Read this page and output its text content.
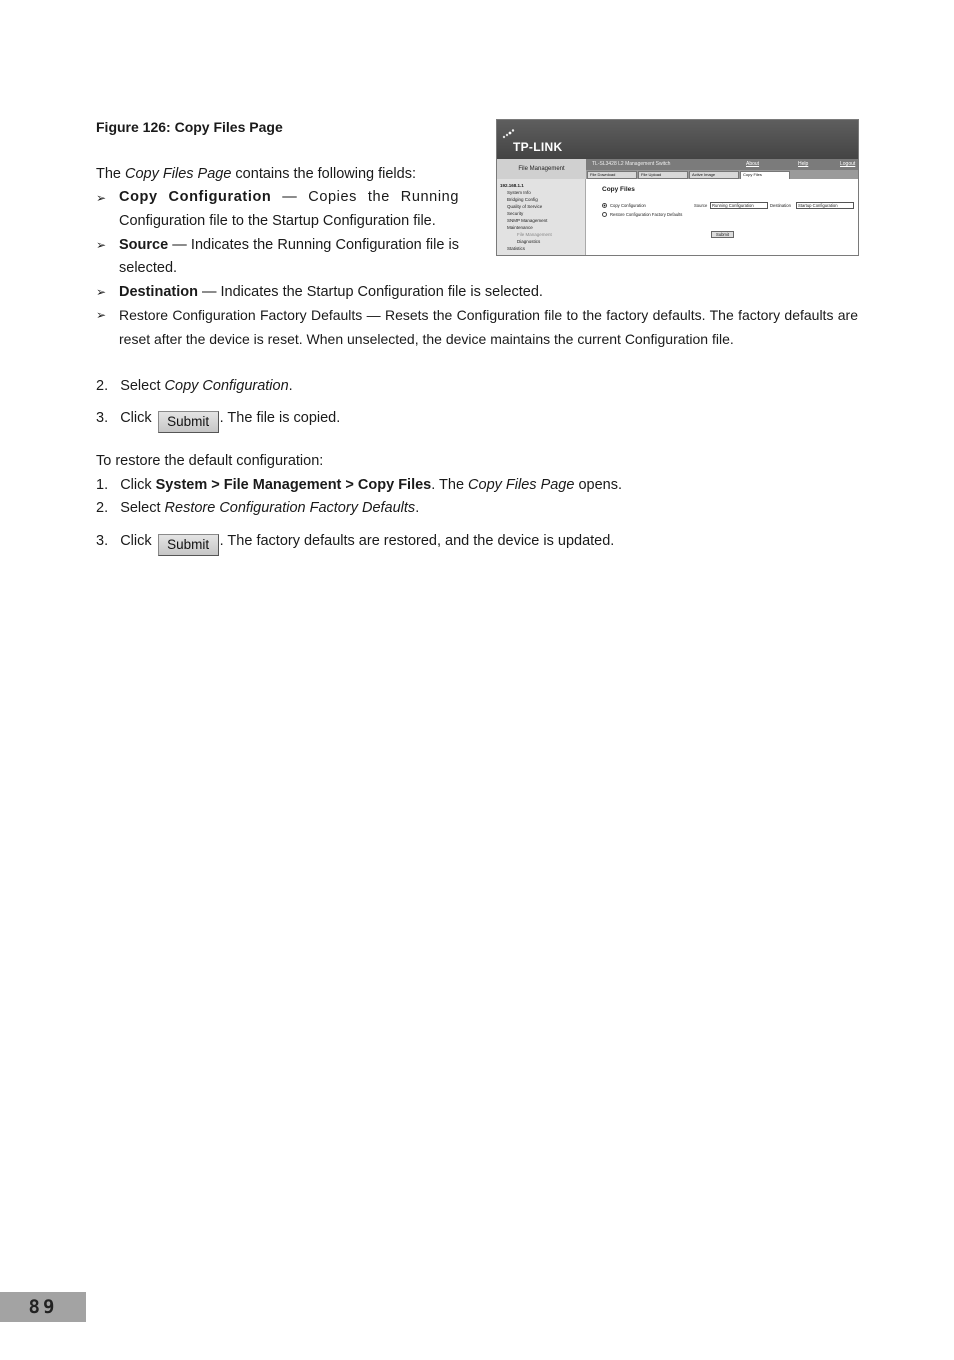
Figure 126: Copy Files Page
TP-LINK
File Management
TL-SL3428 L2 Management Switch	About	Help	Logout
File Download	File Upload	Active Image	Copy Files
192.168.1.1
System Info
Bridging Config
Quality of Service
Security
SNMP Management
Maintenance
File Management
Diagnostics
Statistics
Copy Files
Copy Configuration	Source	Running Configuration	Destination	Startup Configuration
Restore Configuration Factory Defaults
Submit
The Copy Files Page contains the following fields:
➢ Copy Configuration — Copies the Running
Configuration file to the Startup Configuration file.
➢ Source — Indicates the Running Configuration file is
selected.
➢ Destination — Indicates the Startup Configuration file is selected.
➢ Restore Configuration Factory Defaults — Resets the Configuration file to the factory defaults. The factory defaults are
reset after the device is reset. When unselected, the device maintains the current Configuration file.
2. Select Copy Configuration.
3. Click Submit . The file is copied.
To restore the default configuration:
1. Click System > File Management > Copy Files. The Copy Files Page opens.
2. Select Restore Configuration Factory Defaults.
3. Click Submit . The factory defaults are restored, and the device is updated.
89
